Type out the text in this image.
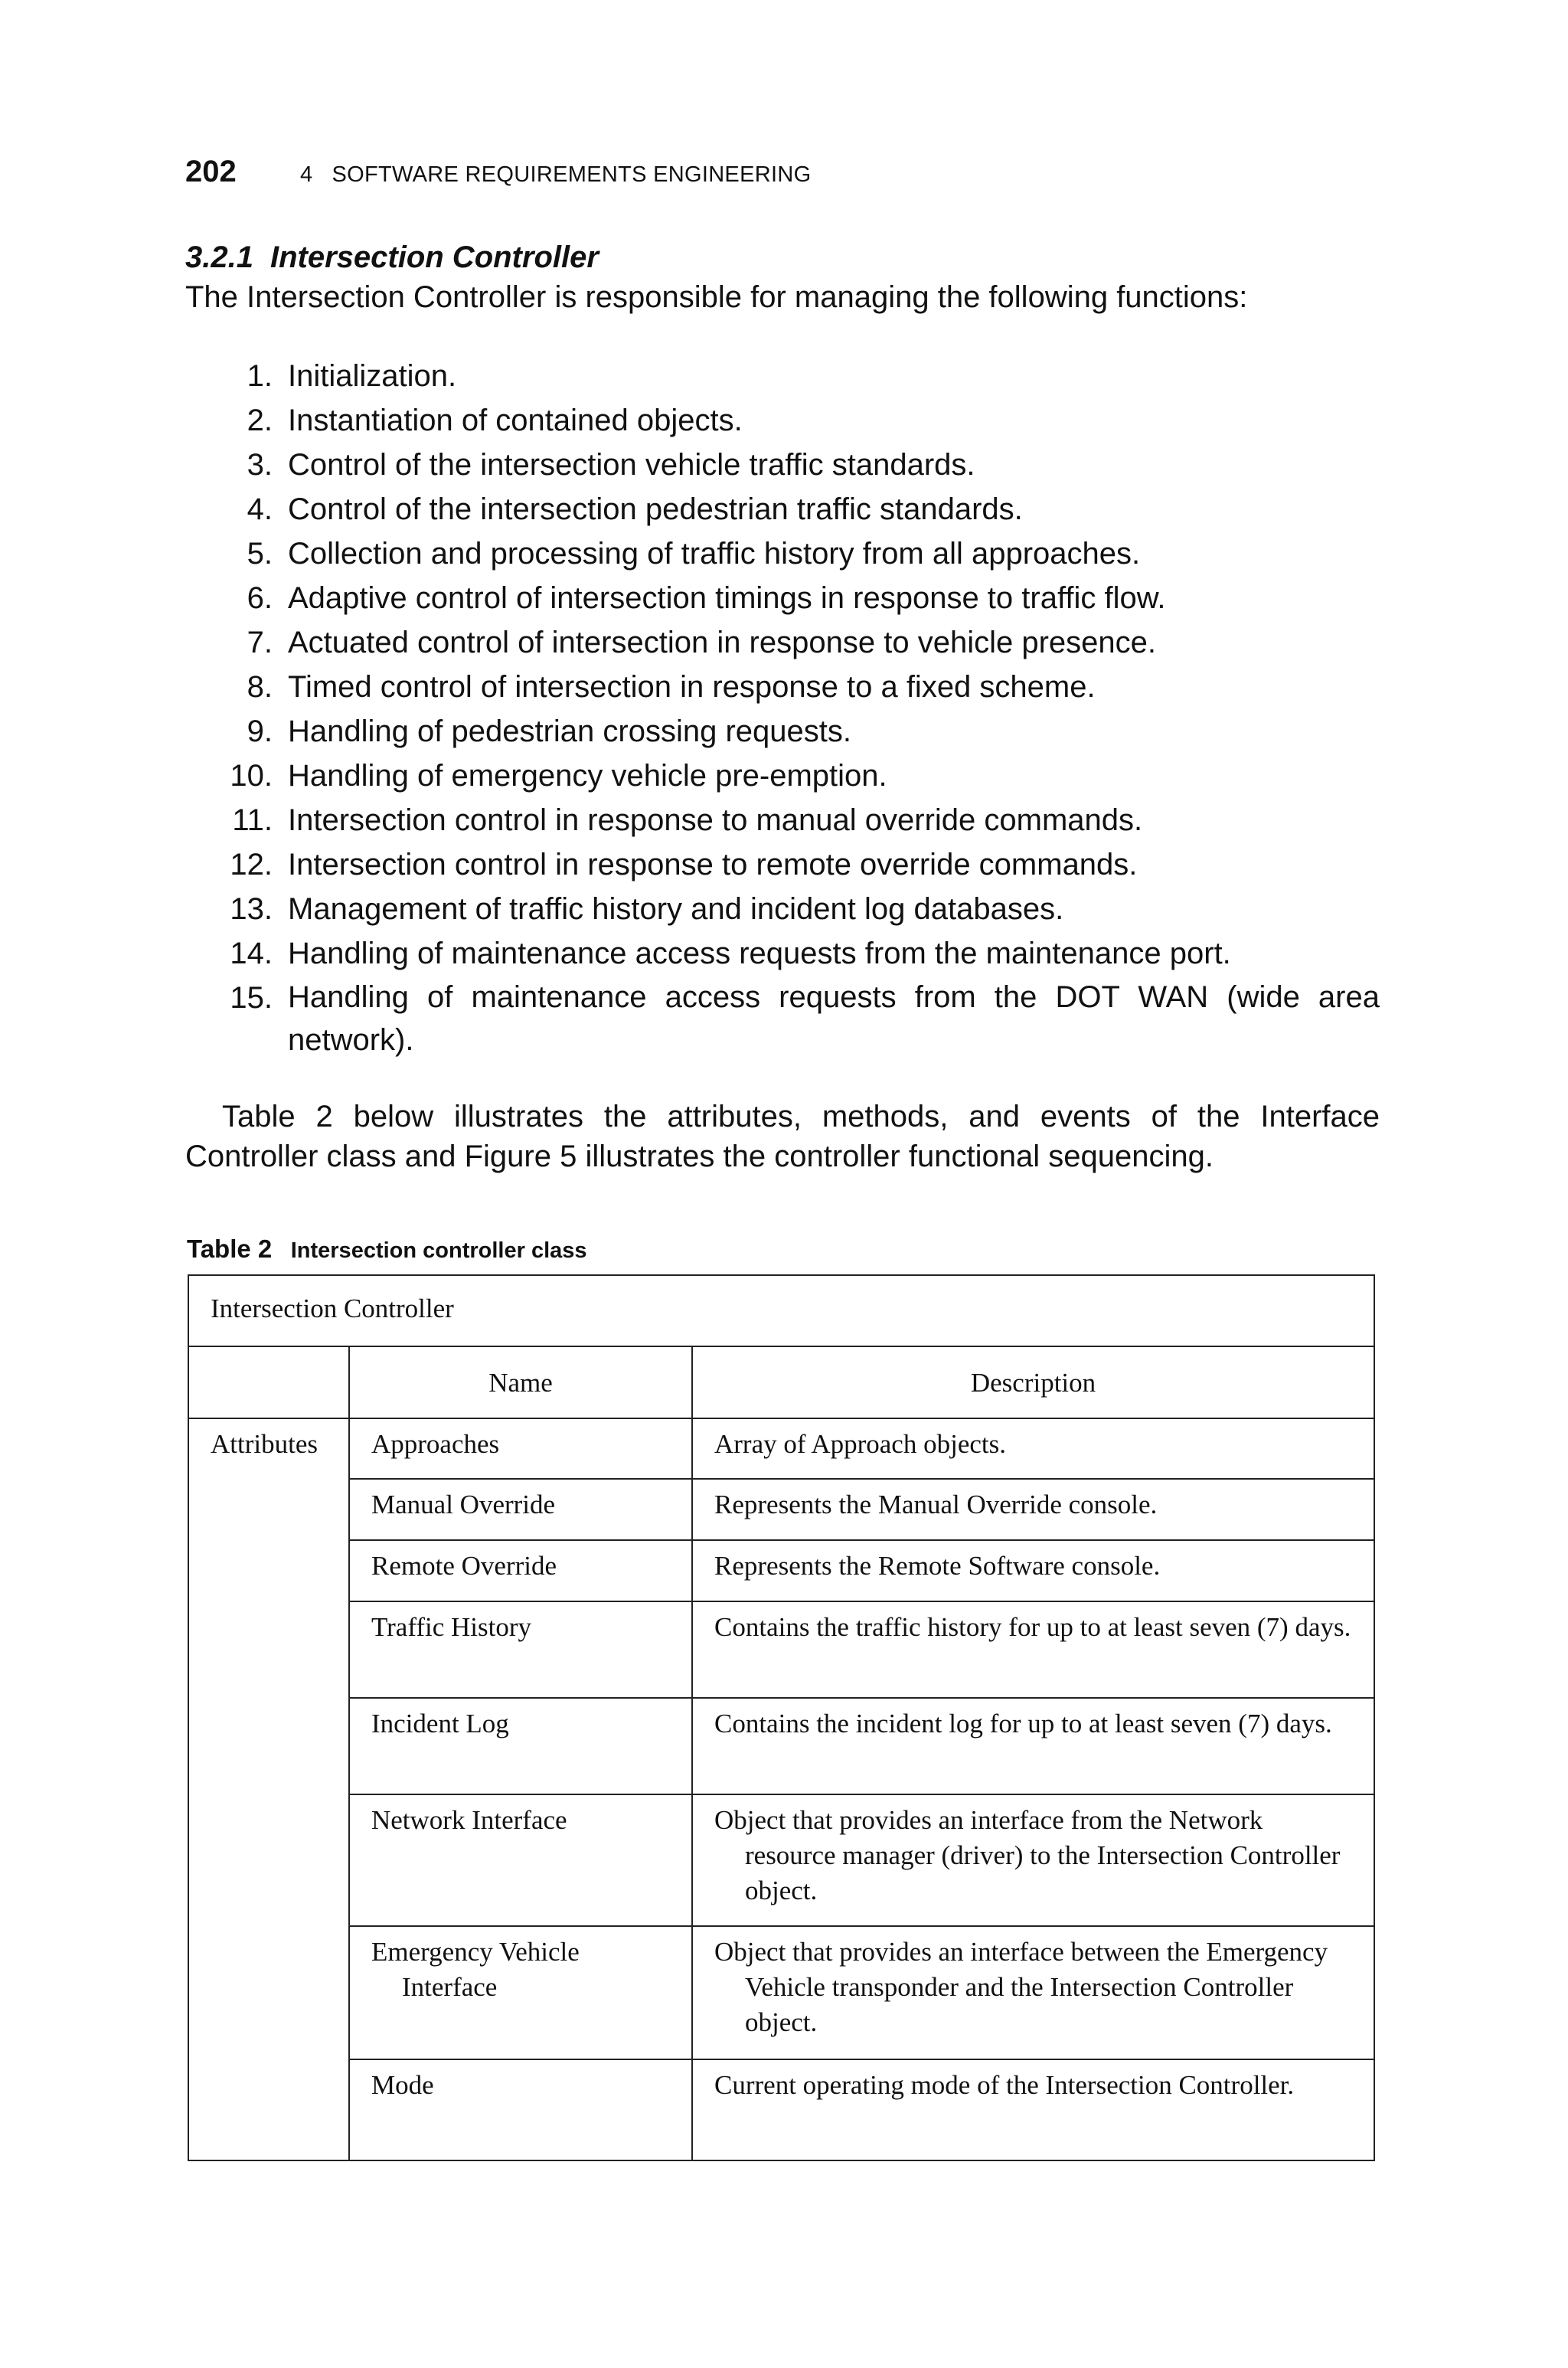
202	4   SOFTWARE REQUIREMENTS ENGINEERING
3.2.1 Intersection Controller

The Intersection Controller is responsible for managing the following functions:

1. Initialization.
2. Instantiation of contained objects.
3. Control of the intersection vehicle traffic standards.
4. Control of the intersection pedestrian traffic standards.
5. Collection and processing of traffic history from all approaches.
6. Adaptive control of intersection timings in response to traffic flow.
7. Actuated control of intersection in response to vehicle presence.
8. Timed control of intersection in response to a fixed scheme.
9. Handling of pedestrian crossing requests.
10. Handling of emergency vehicle pre-emption.
11. Intersection control in response to manual override commands.
12. Intersection control in response to remote override commands.
13. Management of traffic history and incident log databases.
14. Handling of maintenance access requests from the maintenance port.
15. Handling of maintenance access requests from the DOT WAN (wide area network).

Table 2 below illustrates the attributes, methods, and events of the Interface Controller class and Figure 5 illustrates the controller functional sequencing.

Table 2 Intersection controller class
Intersection Controller		
	Name	Description
Attributes	Approaches	Array of Approach objects.

	Manual Override	Represents the Manual Override console.

	Remote Override	Represents the Remote Software console.

	Traffic History	Contains the traffic history for up to at least seven (7) days.

	Incident Log	Contains the incident log for up to at least seven (7) days.

	Network Interface	Object that provides an interface from the Network resource manager (driver) to the Intersection Controller object.

	Emergency Vehicle Interface	Object that provides an interface between the Emergency Vehicle transponder and the Intersection Controller object.

	Mode	Current operating mode of the Intersection Controller.
